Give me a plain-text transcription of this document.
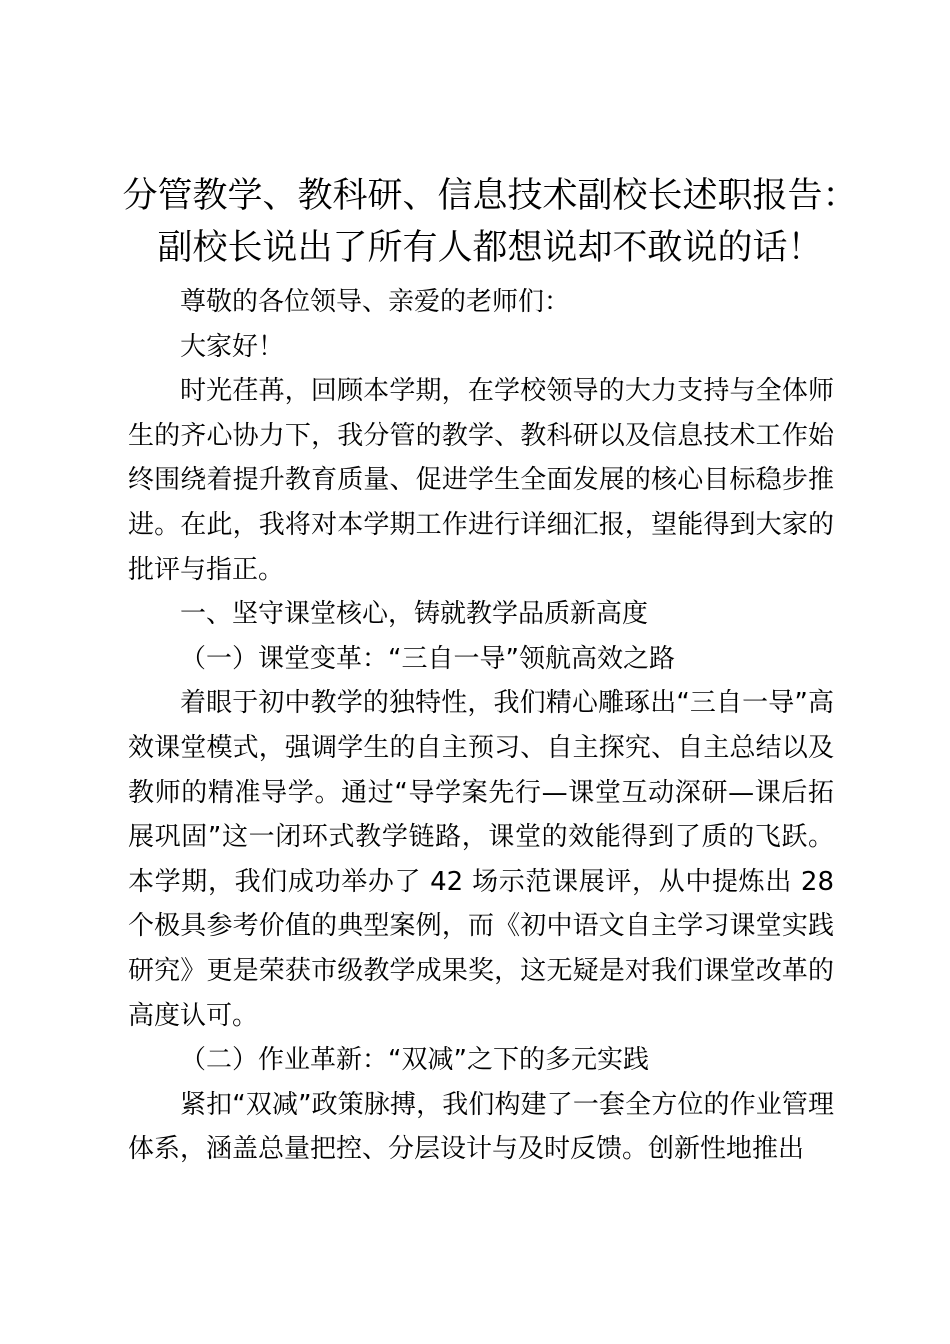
分管教学、教科研、信息技术副校长述职报告：
副校长说出了所有人都想说却不敢说的话！

尊敬的各位领导、亲爱的老师们：

大家好！

时光荏苒，回顾本学期，在学校领导的大力支持与全体师生的齐心协力下，我分管的教学、教科研以及信息技术工作始终围绕着提升教育质量、促进学生全面发展的核心目标稳步推进。在此，我将对本学期工作进行详细汇报，望能得到大家的批评与指正。

一、坚守课堂核心，铸就教学品质新高度

（一）课堂变革：“三自一导”领航高效之路

着眼于初中教学的独特性，我们精心雕琢出“三自一导”高效课堂模式，强调学生的自主预习、自主探究、自主总结以及教师的精准导学。通过“导学案先行—课堂互动深研—课后拓展巩固”这一闭环式教学链路，课堂的效能得到了质的飞跃。本学期，我们成功举办了 42 场示范课展评，从中提炼出 28 个极具参考价值的典型案例，而《初中语文自主学习课堂实践研究》更是荣获市级教学成果奖，这无疑是对我们课堂改革的高度认可。

（二）作业革新：“双减”之下的多元实践

紧扣“双减”政策脉搏，我们构建了一套全方位的作业管理体系，涵盖总量把控、分层设计与及时反馈。创新性地推出
